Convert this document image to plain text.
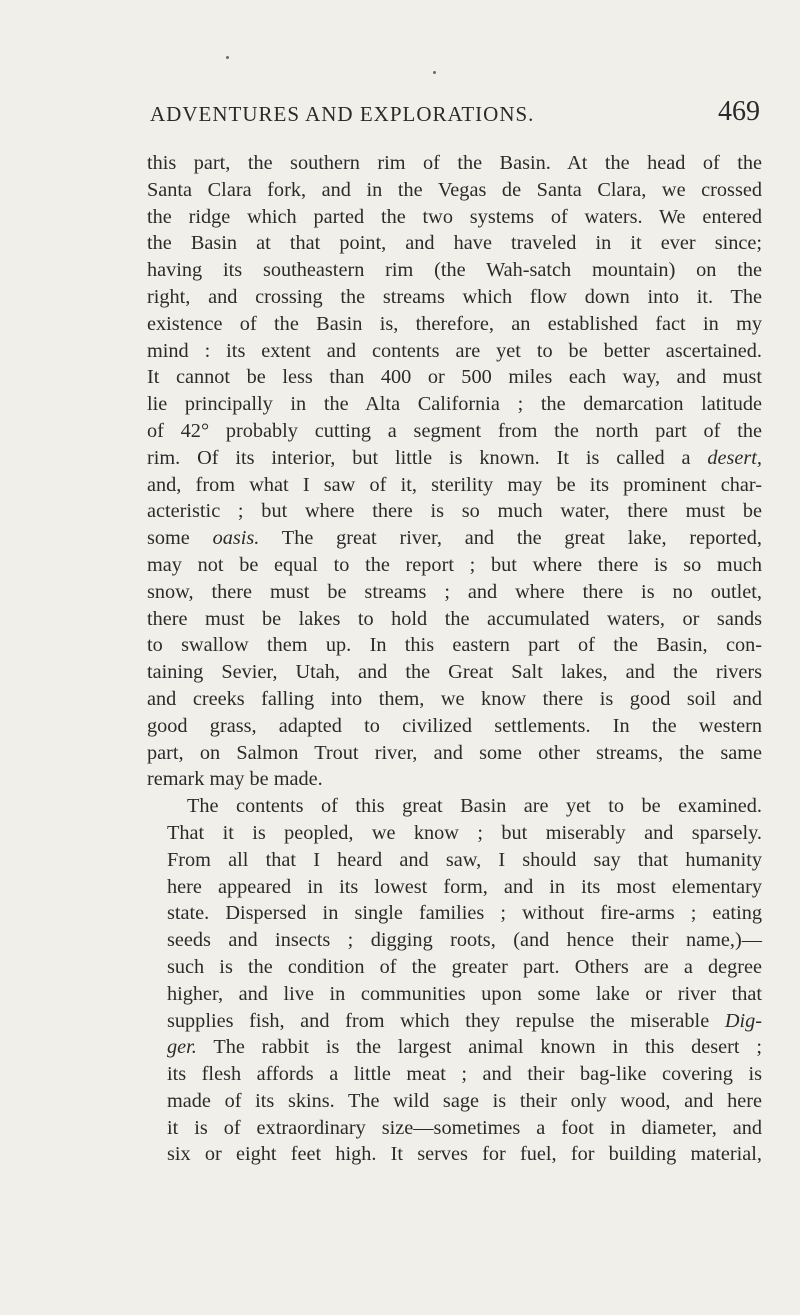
ADVENTURES AND EXPLORATIONS.	469

this part, the southern rim of the Basin. At the head of the
Santa Clara fork, and in the Vegas de Santa Clara, we crossed
the ridge which parted the two systems of waters. We entered
the Basin at that point, and have traveled in it ever since;
having its southeastern rim (the Wah-satch mountain) on the
right, and crossing the streams which flow down into it. The
existence of the Basin is, therefore, an established fact in my
mind : its extent and contents are yet to be better ascertained.
It cannot be less than 400 or 500 miles each way, and must
lie principally in the Alta California ; the demarcation latitude
of 42° probably cutting a segment from the north part of the
rim. Of its interior, but little is known. It is called a desert,
and, from what I saw of it, sterility may be its prominent char-
acteristic ; but where there is so much water, there must be
some oasis. The great river, and the great lake, reported,
may not be equal to the report ; but where there is so much
snow, there must be streams ; and where there is no outlet,
there must be lakes to hold the accumulated waters, or sands
to swallow them up. In this eastern part of the Basin, con-
taining Sevier, Utah, and the Great Salt lakes, and the rivers
and creeks falling into them, we know there is good soil and
good grass, adapted to civilized settlements. In the western
part, on Salmon Trout river, and some other streams, the same
remark may be made.

The contents of this great Basin are yet to be examined.
That it is peopled, we know ; but miserably and sparsely.
From all that I heard and saw, I should say that humanity
here appeared in its lowest form, and in its most elementary
state. Dispersed in single families ; without fire-arms ; eating
seeds and insects ; digging roots, (and hence their name,)—
such is the condition of the greater part. Others are a degree
higher, and live in communities upon some lake or river that
supplies fish, and from which they repulse the miserable Dig-
ger. The rabbit is the largest animal known in this desert ;
its flesh affords a little meat ; and their bag-like covering is
made of its skins. The wild sage is their only wood, and here
it is of extraordinary size—sometimes a foot in diameter, and
six or eight feet high. It serves for fuel, for building material,
